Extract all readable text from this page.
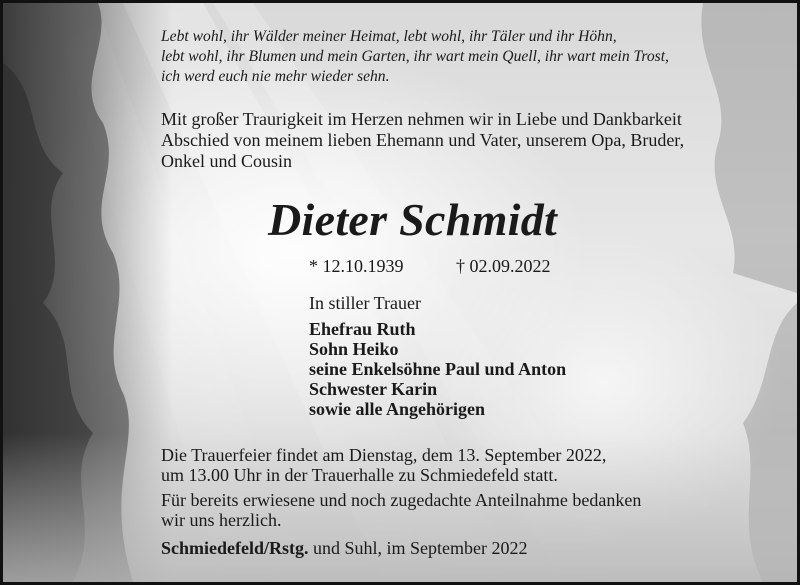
Lebt wohl, ihr Wälder meiner Heimat, lebt wohl, ihr Täler und ihr Höhn,
lebt wohl, ihr Blumen und mein Garten, ihr wart mein Quell, ihr wart mein Trost,
ich werd euch nie mehr wieder sehn.
Mit großer Traurigkeit im Herzen nehmen wir in Liebe und Dankbarkeit
Abschied von meinem lieben Ehemann und Vater, unserem Opa, Bruder,
Onkel und Cousin
Dieter Schmidt
* 12.10.1939	† 02.09.2022
In stiller Trauer
Ehefrau Ruth
Sohn Heiko
seine Enkelsöhne Paul und Anton
Schwester Karin
sowie alle Angehörigen
Die Trauerfeier findet am Dienstag, dem 13. September 2022,
um 13.00 Uhr in der Trauerhalle zu Schmiedefeld statt.
Für bereits erwiesene und noch zugedachte Anteilnahme bedanken
wir uns herzlich.
Schmiedefeld/Rstg. und Suhl, im September 2022
